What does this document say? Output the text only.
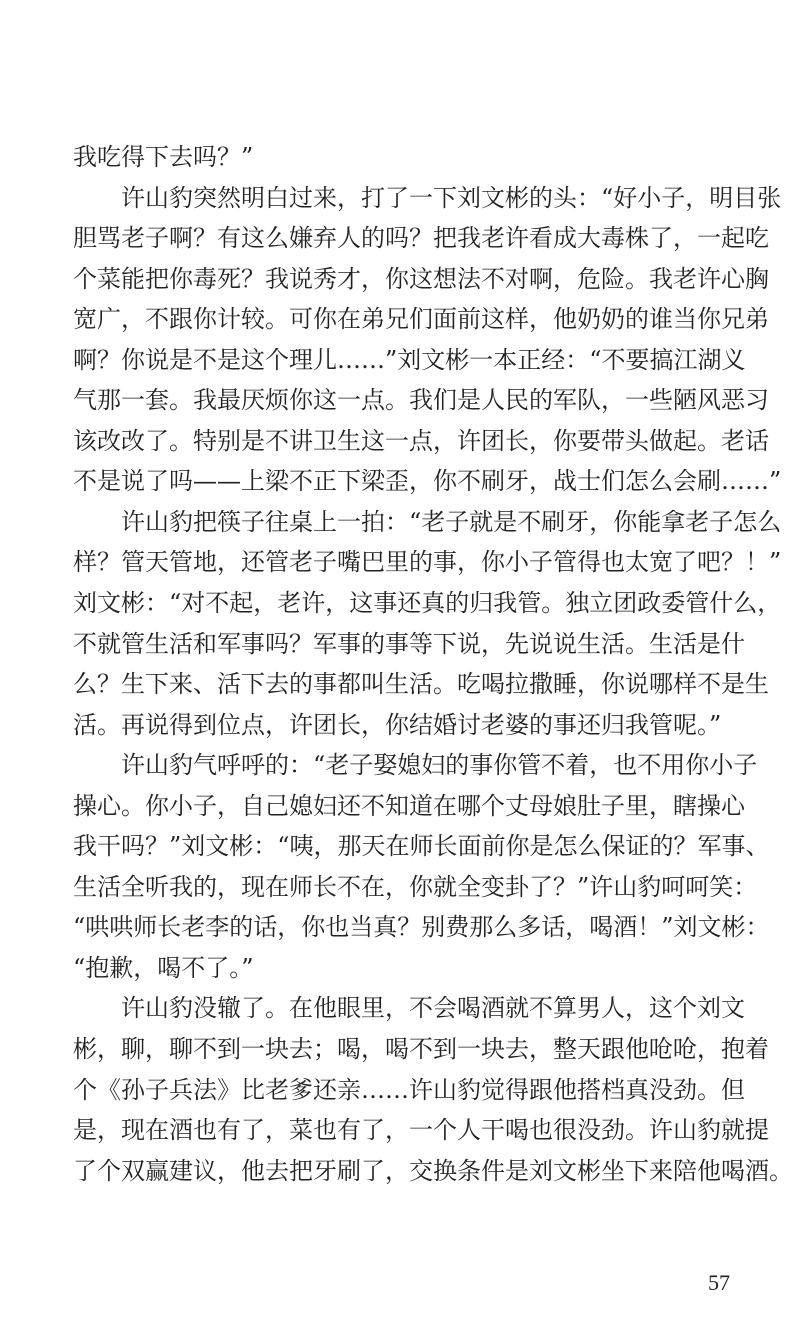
我吃得下去吗？”
　　许山豹突然明白过来，打了一下刘文彬的头：“好小子，明目张
胆骂老子啊？有这么嫌弃人的吗？把我老许看成大毒株了，一起吃
个菜能把你毒死？我说秀才，你这想法不对啊，危险。我老许心胸
宽广，不跟你计较。可你在弟兄们面前这样，他奶奶的谁当你兄弟
啊？你说是不是这个理儿……”刘文彬一本正经：“不要搞江湖义
气那一套。我最厌烦你这一点。我们是人民的军队，一些陋风恶习
该改改了。特别是不讲卫生这一点，许团长，你要带头做起。老话
不是说了吗——上梁不正下梁歪，你不刷牙，战士们怎么会刷……”
　　许山豹把筷子往桌上一拍：“老子就是不刷牙，你能拿老子怎么
样？管天管地，还管老子嘴巴里的事，你小子管得也太宽了吧？！”
刘文彬：“对不起，老许，这事还真的归我管。独立团政委管什么，
不就管生活和军事吗？军事的事等下说，先说说生活。生活是什
么？生下来、活下去的事都叫生活。吃喝拉撒睡，你说哪样不是生
活。再说得到位点，许团长，你结婚讨老婆的事还归我管呢。”
　　许山豹气呼呼的：“老子娶媳妇的事你管不着，也不用你小子
操心。你小子，自己媳妇还不知道在哪个丈母娘肚子里，瞎操心
我干吗？”刘文彬：“咦，那天在师长面前你是怎么保证的？军事、
生活全听我的，现在师长不在，你就全变卦了？”许山豹呵呵笑：
“哄哄师长老李的话，你也当真？别费那么多话，喝酒！”刘文彬：
“抱歉，喝不了。”
　　许山豹没辙了。在他眼里，不会喝酒就不算男人，这个刘文
彬，聊，聊不到一块去；喝，喝不到一块去，整天跟他呛呛，抱着
个《孙子兵法》比老爹还亲……许山豹觉得跟他搭档真没劲。但
是，现在酒也有了，菜也有了，一个人干喝也很没劲。许山豹就提
了个双赢建议，他去把牙刷了，交换条件是刘文彬坐下来陪他喝酒。
57
